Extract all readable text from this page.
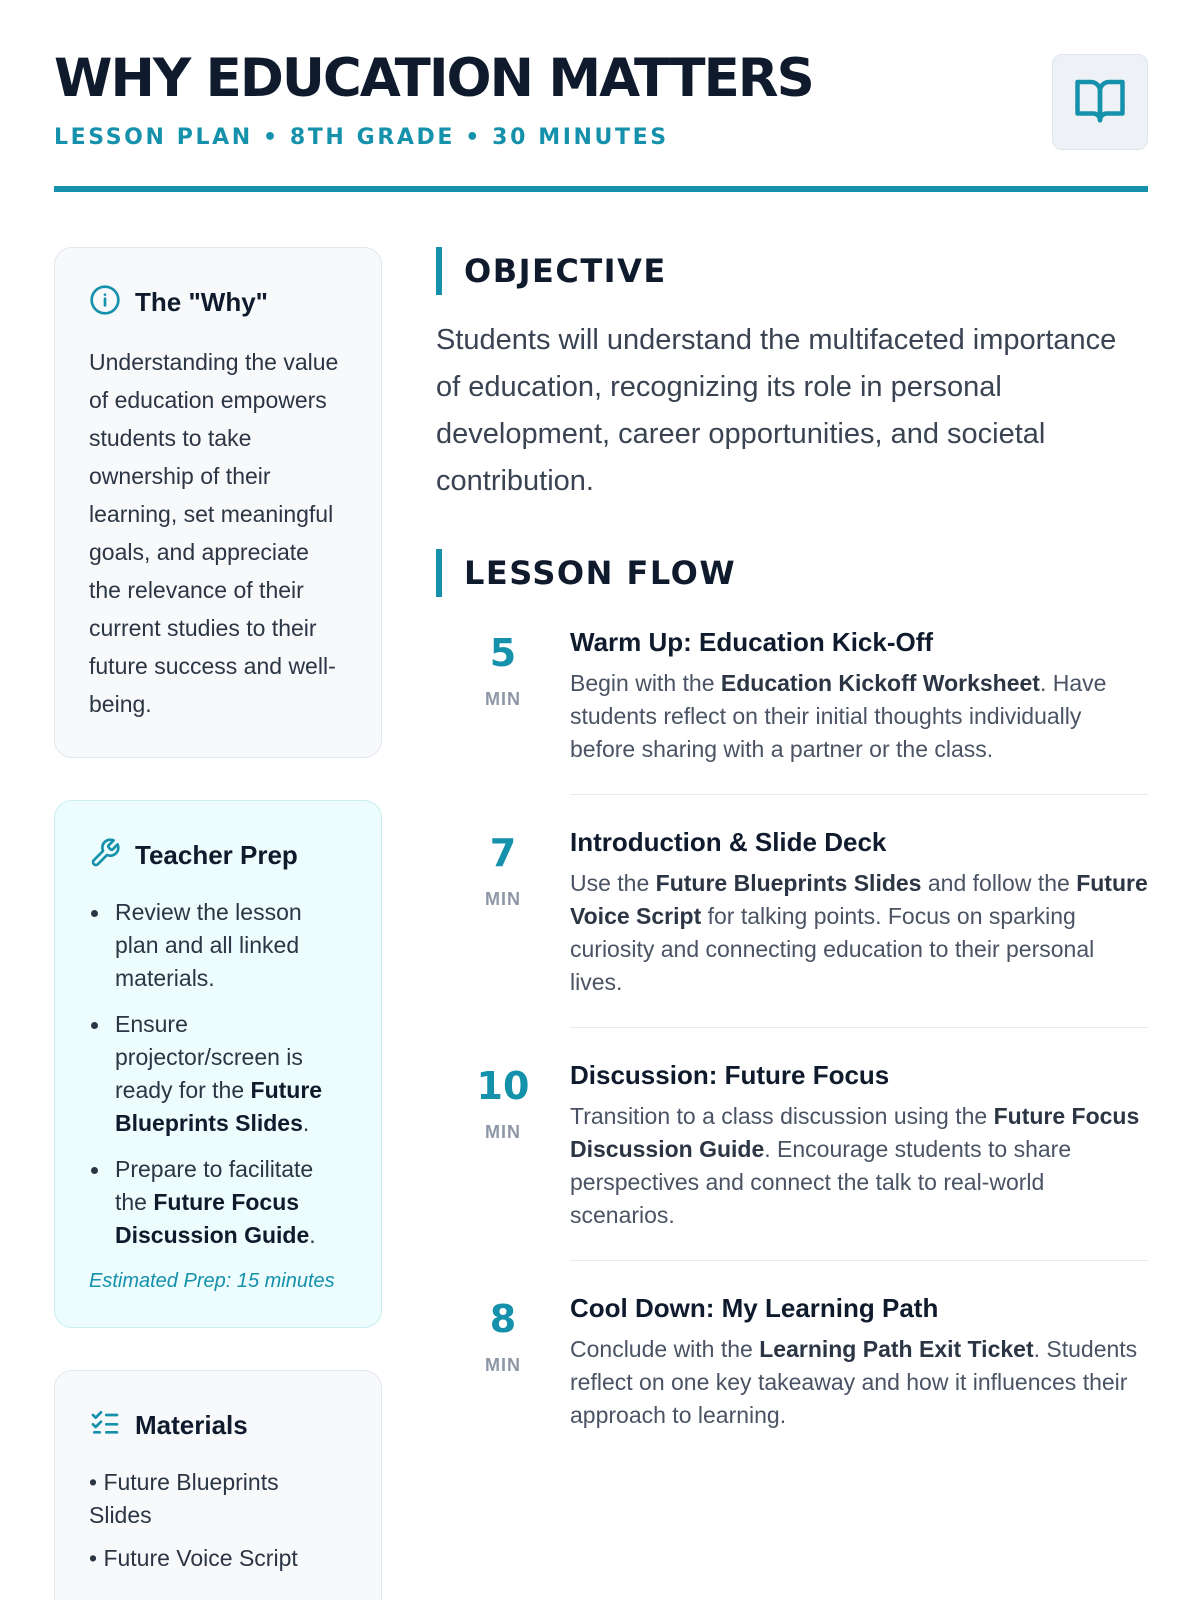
WHY EDUCATION MATTERS
LESSON PLAN • 8TH GRADE • 30 MINUTES
The "Why"

Understanding the value of education empowers students to take ownership of their learning, set meaningful goals, and appreciate the relevance of their current studies to their future success and well-being.

Teacher Prep
Review the lesson plan and all linked materials.
Ensure projector/screen is ready for the Future Blueprints Slides.
Prepare to facilitate the Future Focus Discussion Guide.
Estimated Prep: 15 minutes
Materials
• Future Blueprints Slides
• Future Voice Script
OBJECTIVE

Students will understand the multifaceted importance of education, recognizing its role in personal development, career opportunities, and societal contribution.

LESSON FLOW
5
MIN
Warm Up: Education Kick-Off
Begin with the Education Kickoff Worksheet. Have students reflect on their initial thoughts individually before sharing with a partner or the class.
7
MIN
Introduction & Slide Deck
Use the Future Blueprints Slides and follow the Future Voice Script for talking points. Focus on sparking curiosity and connecting education to their personal lives.
10
MIN
Discussion: Future Focus
Transition to a class discussion using the Future Focus Discussion Guide. Encourage students to share perspectives and connect the talk to real-world scenarios.
8
MIN
Cool Down: My Learning Path
Conclude with the Learning Path Exit Ticket. Students reflect on one key takeaway and how it influences their approach to learning.
